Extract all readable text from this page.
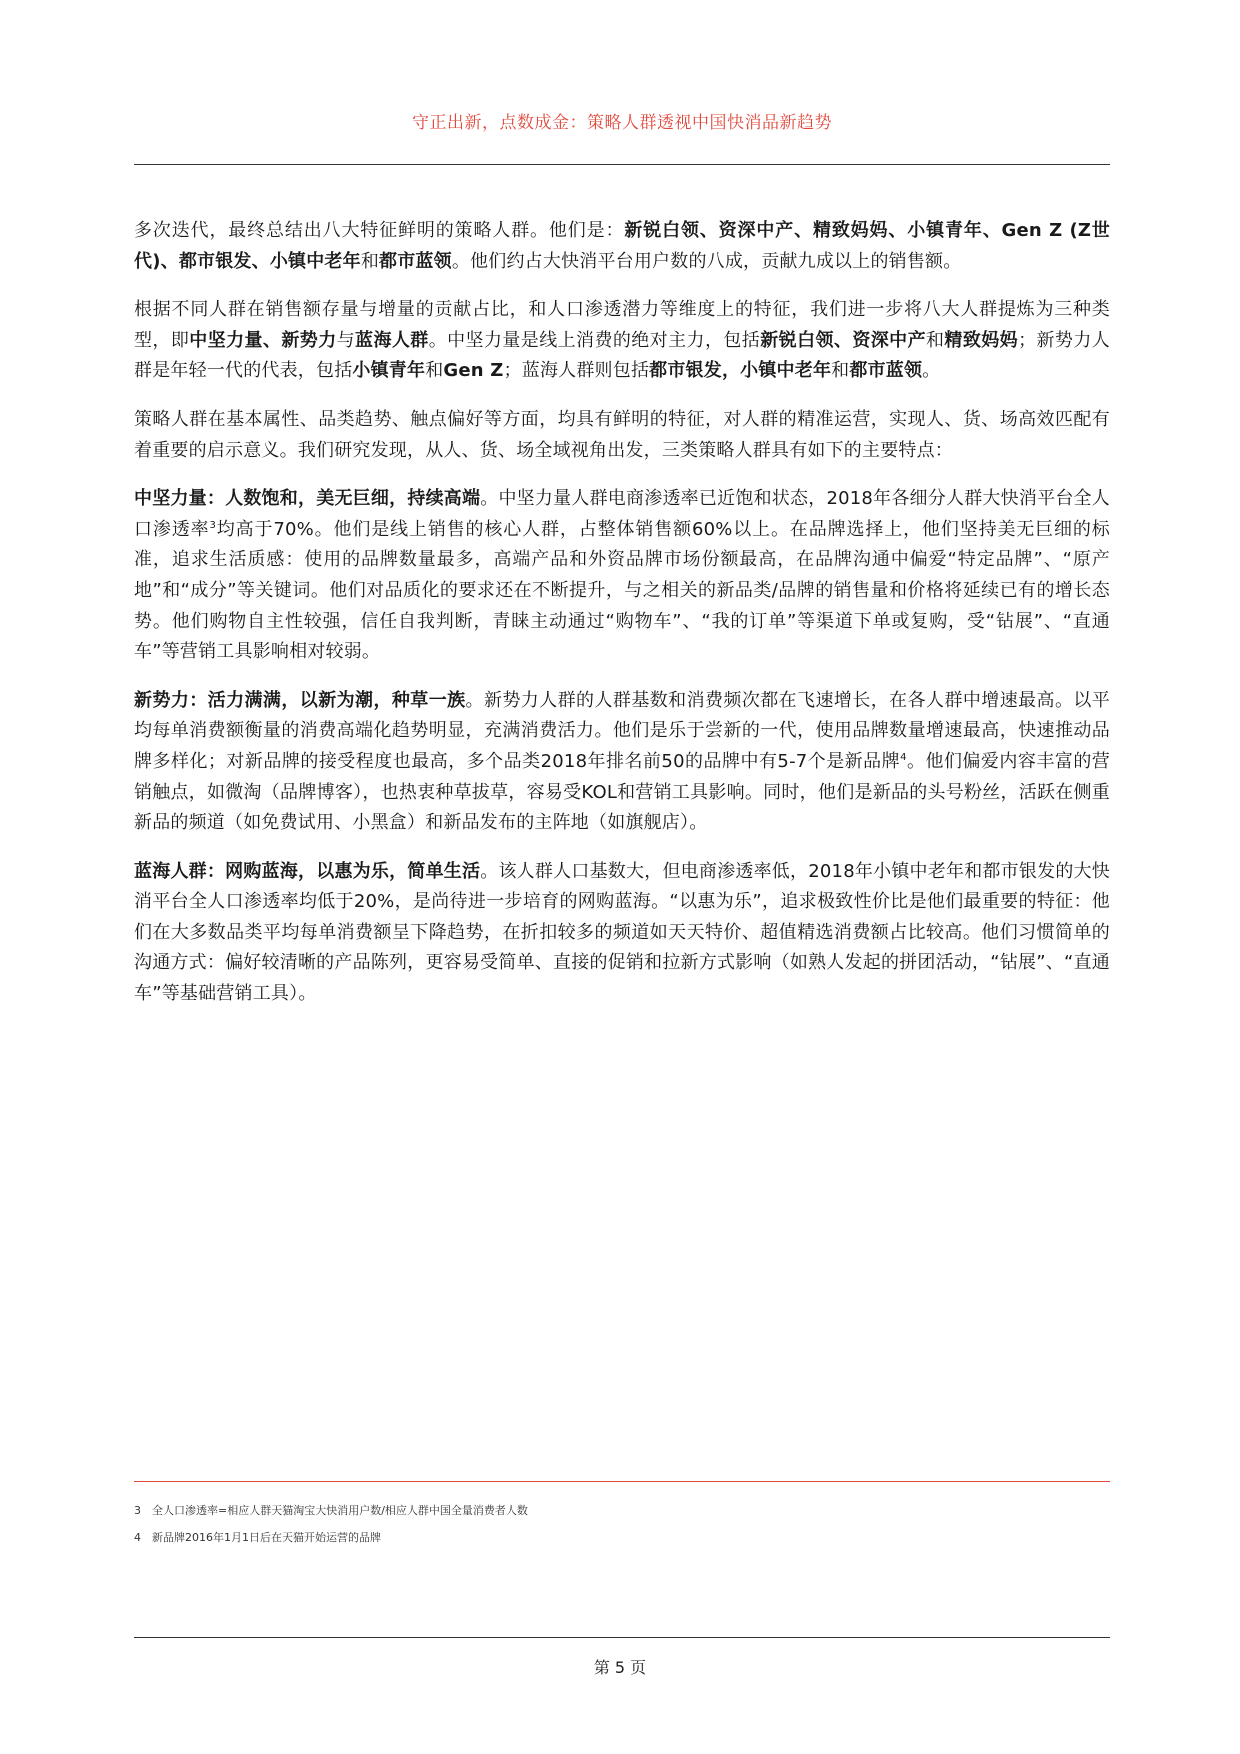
守正出新，点数成金：策略人群透视中国快消品新趋势

多次迭代，最终总结出八大特征鲜明的策略人群。他们是：新锐白领、资深中产、精致妈妈、小镇青年、Gen Z (Z世代)、都市银发、小镇中老年和都市蓝领。他们约占大快消平台用户数的八成，贡献九成以上的销售额。

根据不同人群在销售额存量与增量的贡献占比，和人口渗透潜力等维度上的特征，我们进一步将八大人群提炼为三种类型，即中坚力量、新势力与蓝海人群。中坚力量是线上消费的绝对主力，包括新锐白领、资深中产和精致妈妈；新势力人群是年轻一代的代表，包括小镇青年和Gen Z；蓝海人群则包括都市银发，小镇中老年和都市蓝领。

策略人群在基本属性、品类趋势、触点偏好等方面，均具有鲜明的特征，对人群的精准运营，实现人、货、场高效匹配有着重要的启示意义。我们研究发现，从人、货、场全域视角出发，三类策略人群具有如下的主要特点：

中坚力量：人数饱和，美无巨细，持续高端。中坚力量人群电商渗透率已近饱和状态，2018年各细分人群大快消平台全人口渗透率$^3$均高于70%。他们是线上销售的核心人群，占整体销售额60%以上。在品牌选择上，他们坚持美无巨细的标准，追求生活质感：使用的品牌数量最多，高端产品和外资品牌市场份额最高，在品牌沟通中偏爱“特定品牌”、“原产地”和“成分”等关键词。他们对品质化的要求还在不断提升，与之相关的新品类/品牌的销售量和价格将延续已有的增长态势。他们购物自主性较强，信任自我判断，青睐主动通过“购物车”、“我的订单”等渠道下单或复购，受“钻展”、“直通车”等营销工具影响相对较弱。

新势力：活力满满，以新为潮，种草一族。新势力人群的人群基数和消费频次都在飞速增长，在各人群中增速最高。以平均每单消费额衡量的消费高端化趋势明显，充满消费活力。他们是乐于尝新的一代，使用品牌数量增速最高，快速推动品牌多样化；对新品牌的接受程度也最高，多个品类2018年排名前50的品牌中有5-7个是新品牌$^4$。他们偏爱内容丰富的营销触点，如微淘（品牌博客），也热衷种草拔草，容易受KOL和营销工具影响。同时，他们是新品的头号粉丝，活跃在侧重新品的频道（如免费试用、小黑盒）和新品发布的主阵地（如旗舰店）。

蓝海人群：网购蓝海，以惠为乐，简单生活。该人群人口基数大，但电商渗透率低，2018年小镇中老年和都市银发的大快消平台全人口渗透率均低于20%，是尚待进一步培育的网购蓝海。“以惠为乐”，追求极致性价比是他们最重要的特征：他们在大多数品类平均每单消费额呈下降趋势，在折扣较多的频道如天天特价、超值精选消费额占比较高。他们习惯简单的沟通方式：偏好较清晰的产品陈列，更容易受简单、直接的促销和拉新方式影响（如熟人发起的拼团活动，“钻展”、“直通车”等基础营销工具）。

3 全人口渗透率=相应人群天猫淘宝大快消用户数/相应人群中国全量消费者人数
4 新品牌2016年1月1日后在天猫开始运营的品牌
第 5 页
